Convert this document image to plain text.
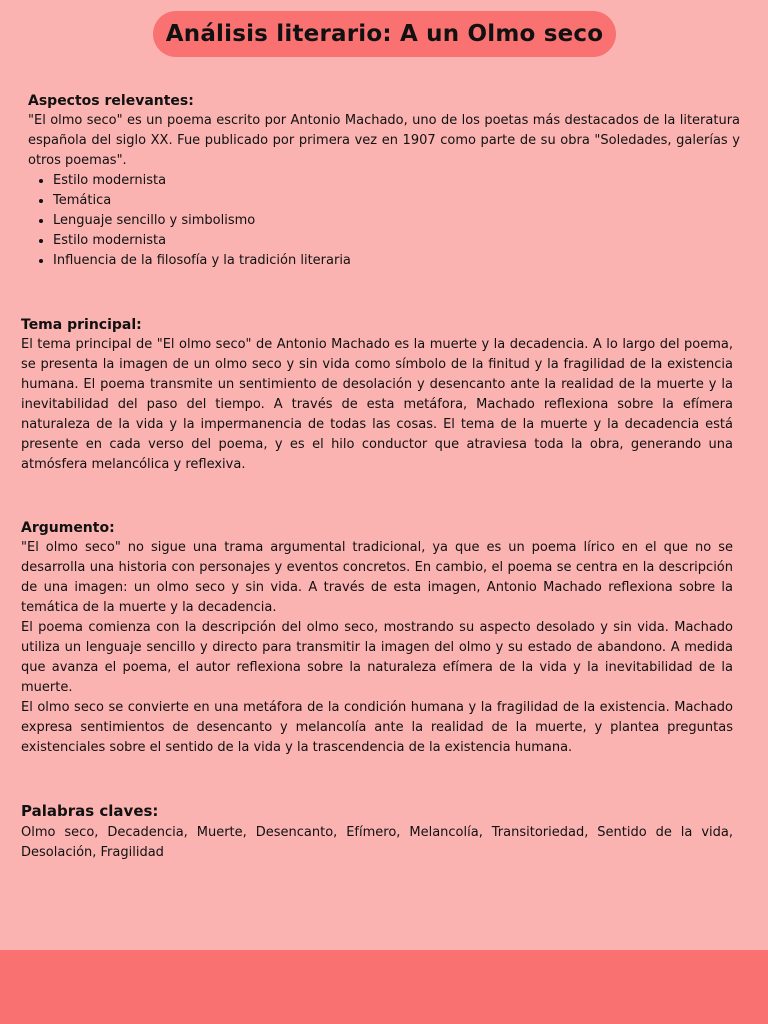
Análisis literario: A un Olmo seco
Aspectos relevantes:

"El olmo seco" es un poema escrito por Antonio Machado, uno de los poetas más destacados de la literatura española del siglo XX. Fue publicado por primera vez en 1907 como parte de su obra "Soledades, galerías y otros poemas".

• Estilo modernista
• Temática
• Lenguaje sencillo y simbolismo
• Estilo modernista
• Influencia de la filosofía y la tradición literaria
Tema principal:

El tema principal de "El olmo seco" de Antonio Machado es la muerte y la decadencia. A lo largo del poema, se presenta la imagen de un olmo seco y sin vida como símbolo de la finitud y la fragilidad de la existencia humana. El poema transmite un sentimiento de desolación y desencanto ante la realidad de la muerte y la inevitabilidad del paso del tiempo. A través de esta metáfora, Machado reflexiona sobre la efímera naturaleza de la vida y la impermanencia de todas las cosas. El tema de la muerte y la decadencia está presente en cada verso del poema, y es el hilo conductor que atraviesa toda la obra, generando una atmósfera melancólica y reflexiva.

Argumento:

"El olmo seco" no sigue una trama argumental tradicional, ya que es un poema lírico en el que no se desarrolla una historia con personajes y eventos concretos. En cambio, el poema se centra en la descripción de una imagen: un olmo seco y sin vida. A través de esta imagen, Antonio Machado reflexiona sobre la temática de la muerte y la decadencia.

El poema comienza con la descripción del olmo seco, mostrando su aspecto desolado y sin vida. Machado utiliza un lenguaje sencillo y directo para transmitir la imagen del olmo y su estado de abandono. A medida que avanza el poema, el autor reflexiona sobre la naturaleza efímera de la vida y la inevitabilidad de la muerte.

El olmo seco se convierte en una metáfora de la condición humana y la fragilidad de la existencia. Machado expresa sentimientos de desencanto y melancolía ante la realidad de la muerte, y plantea preguntas existenciales sobre el sentido de la vida y la trascendencia de la existencia humana.

Palabras claves:

Olmo seco, Decadencia, Muerte, Desencanto, Efímero, Melancolía, Transitoriedad, Sentido de la vida, Desolación, Fragilidad
